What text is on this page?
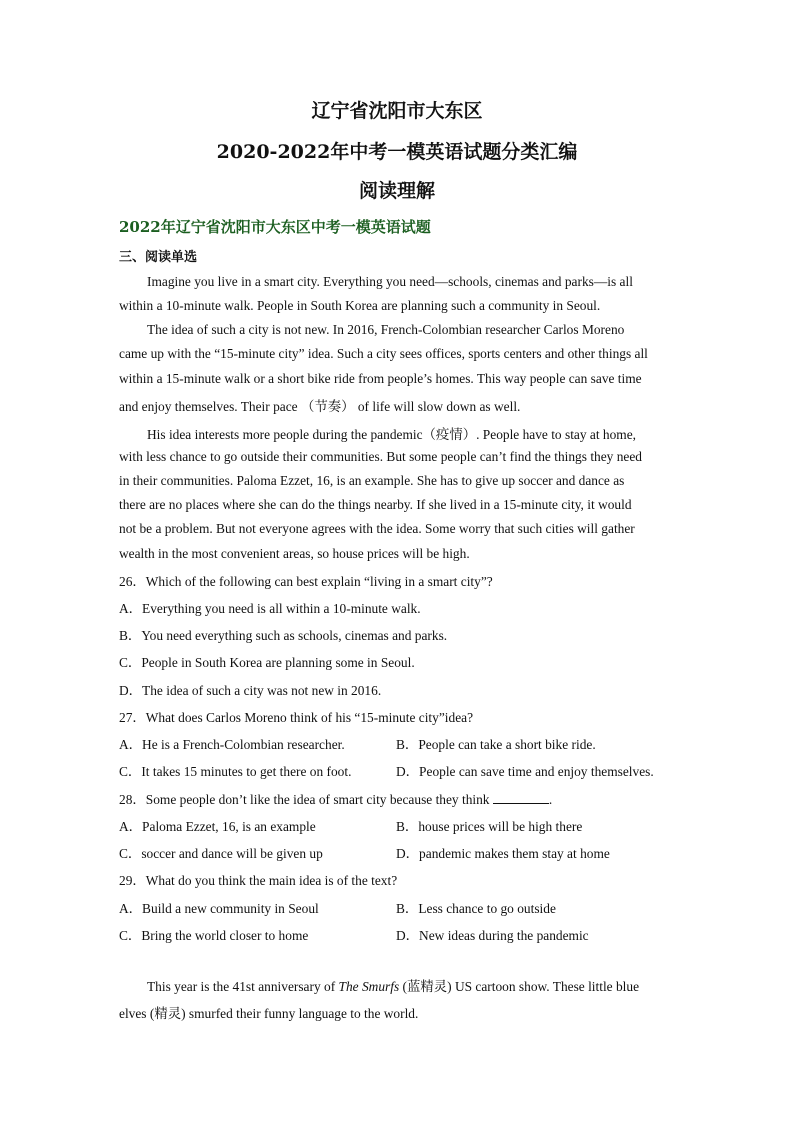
辽宁省沈阳市大东区
2020-2022年中考一模英语试题分类汇编
阅读理解
2022年辽宁省沈阳市大东区中考一模英语试题
三、阅读单选
Imagine you live in a smart city. Everything you need—schools, cinemas and parks—is all
within a 10-minute walk. People in South Korea are planning such a community in Seoul.
The idea of such a city is not new. In 2016, French-Colombian researcher Carlos Moreno
came up with the “15-minute city” idea. Such a city sees offices, sports centers and other things all
within a 15-minute walk or a short bike ride from people’s homes. This way people can save time
and enjoy themselves. Their pace （节奏） of life will slow down as well.
His idea interests more people during the pandemic（疫情）. People have to stay at home,
with less chance to go outside their communities. But some people can’t find the things they need
in their communities. Paloma Ezzet, 16, is an example. She has to give up soccer and dance as
there are no places where she can do the things nearby. If she lived in a 15-minute city, it would
not be a problem. But not everyone agrees with the idea. Some worry that such cities will gather
wealth in the most convenient areas, so house prices will be high.
26．Which of the following can best explain “living in a smart city”?
A．Everything you need is all within a 10-minute walk.
B．You need everything such as schools, cinemas and parks.
C．People in South Korea are planning some in Seoul.
D．The idea of such a city was not new in 2016.
27．What does Carlos Moreno think of his “15-minute city”idea?
A．He is a French-Colombian researcher.	B．People can take a short bike ride.
C．It takes 15 minutes to get there on foot.	D．People can save time and enjoy themselves.
28．Some people don’t like the idea of smart city because they think	.
A．Paloma Ezzet, 16, is an example	B．house prices will be high there
C．soccer and dance will be given up	D．pandemic makes them stay at home
29．What do you think the main idea is of the text?
A．Build a new community in Seoul	B．Less chance to go outside
C．Bring the world closer to home	D．New ideas during the pandemic
This year is the 41st anniversary of The Smurfs (蓝精灵) US cartoon show. These little blue
elves (精灵) smurfed their funny language to the world.
